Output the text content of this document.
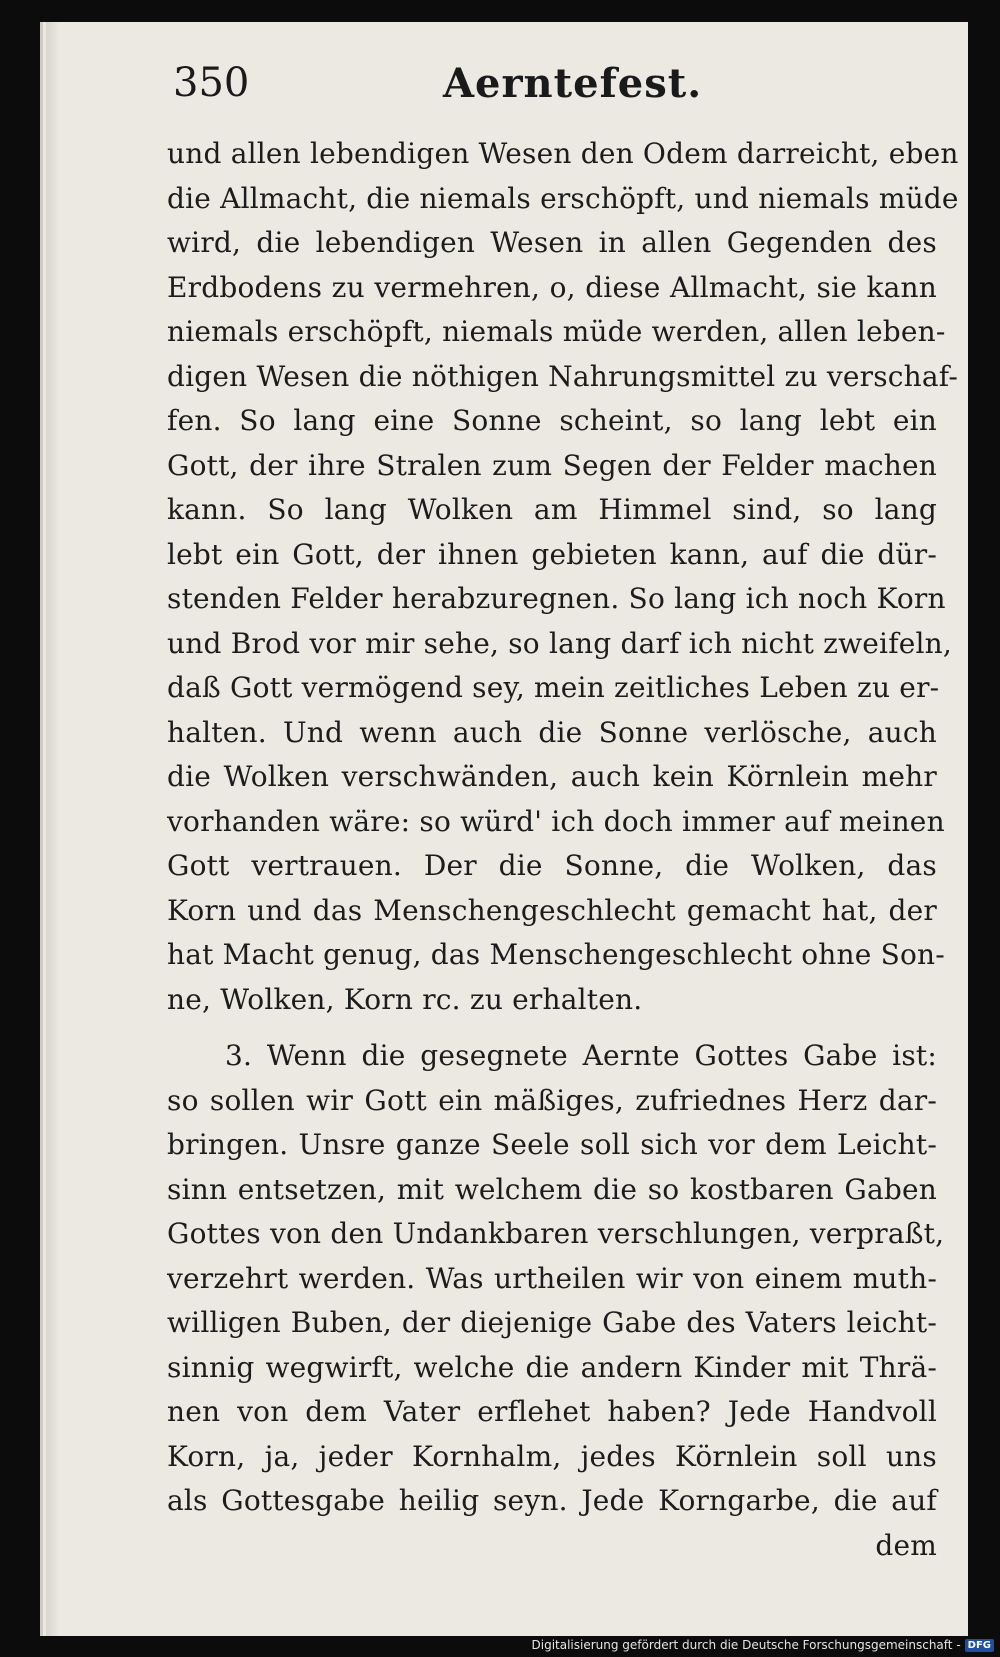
350	Aerntefest.
und allen lebendigen Wesen den Odem darreicht, eben
die Allmacht, die niemals erschöpft, und niemals müde
wird, die lebendigen Wesen in allen Gegenden des
Erdbodens zu vermehren, o, diese Allmacht, sie kann
niemals erschöpft, niemals müde werden, allen leben-
digen Wesen die nöthigen Nahrungsmittel zu verschaf-
fen. So lang eine Sonne scheint, so lang lebt ein
Gott, der ihre Stralen zum Segen der Felder machen
kann. So lang Wolken am Himmel sind, so lang
lebt ein Gott, der ihnen gebieten kann, auf die dür-
stenden Felder herabzuregnen. So lang ich noch Korn
und Brod vor mir sehe, so lang darf ich nicht zweifeln,
daß Gott vermögend sey, mein zeitliches Leben zu er-
halten. Und wenn auch die Sonne verlösche, auch
die Wolken verschwänden, auch kein Körnlein mehr
vorhanden wäre: so würd' ich doch immer auf meinen
Gott vertrauen. Der die Sonne, die Wolken, das
Korn und das Menschengeschlecht gemacht hat, der
hat Macht genug, das Menschengeschlecht ohne Son-
ne, Wolken, Korn rc. zu erhalten.
3. Wenn die gesegnete Aernte Gottes Gabe ist:
so sollen wir Gott ein mäßiges, zufriednes Herz dar-
bringen. Unsre ganze Seele soll sich vor dem Leicht-
sinn entsetzen, mit welchem die so kostbaren Gaben
Gottes von den Undankbaren verschlungen, verpraßt,
verzehrt werden. Was urtheilen wir von einem muth-
willigen Buben, der diejenige Gabe des Vaters leicht-
sinnig wegwirft, welche die andern Kinder mit Thrä-
nen von dem Vater erflehet haben? Jede Handvoll
Korn, ja, jeder Kornhalm, jedes Körnlein soll uns
als Gottesgabe heilig seyn. Jede Korngarbe, die auf
dem
Digitalisierung gefördert durch die Deutsche Forschungsgemeinschaft - DFG
